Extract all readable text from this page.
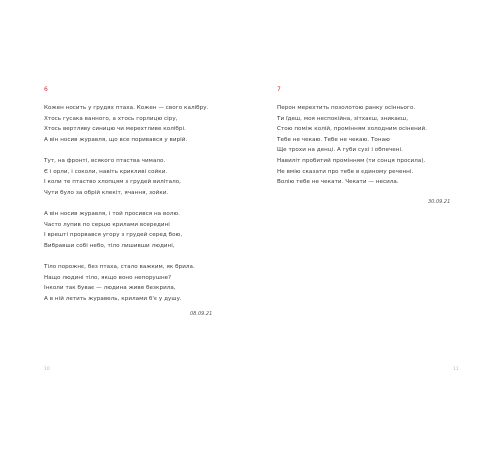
6
Кожен носить у грудях птаха. Кожен — свого калібру.
Хтось гусака ванного, а хтось горлицю сіру,
Хтось вертляву синицю чи мерехтливе колібрі.
А він носив журавля, що все поривався у вирій.
Тут, на фронті, всякого птаства чимало.
Є і орли, і соколи, навіть крикливі сойки.
І коли те птаство хлопцям з грудей вилітало,
Чути було за обрій клекіт, ячання, зойки.
А він носив журавля, і той просився на волю.
Часто лупив по серцю крилами всередині
І врешті прорвався угору з грудей серед бою,
Вибравши собі небо, тіло лишивши людині,
Тіло порожнє, без птаха, стало важким, як брила.
Нащо людині тіло, якщо воно непорушне?
Інколи так буває — людина живе безкрила,
А в ній летить журавель, крилами б'є у душу.
08.09.21
10
7
Перон мерехтить позолотою ранку осіннього.
Ти їдеш, моя неспокійна, зітхаєш, зникаєш,
Стою поміж колій, промінням холодним осінений.
Тебе не чекаю. Тебе не чекаю. Тонаю
Ще трохи на денці. А губи сухі і обпечені.
Навиліт пробитий промінням (ти сонця просила).
Не вмію сказати про тебе в єдиному реченні.
Волію тебе не чекати. Чекати — несила.
30.09.21
11
